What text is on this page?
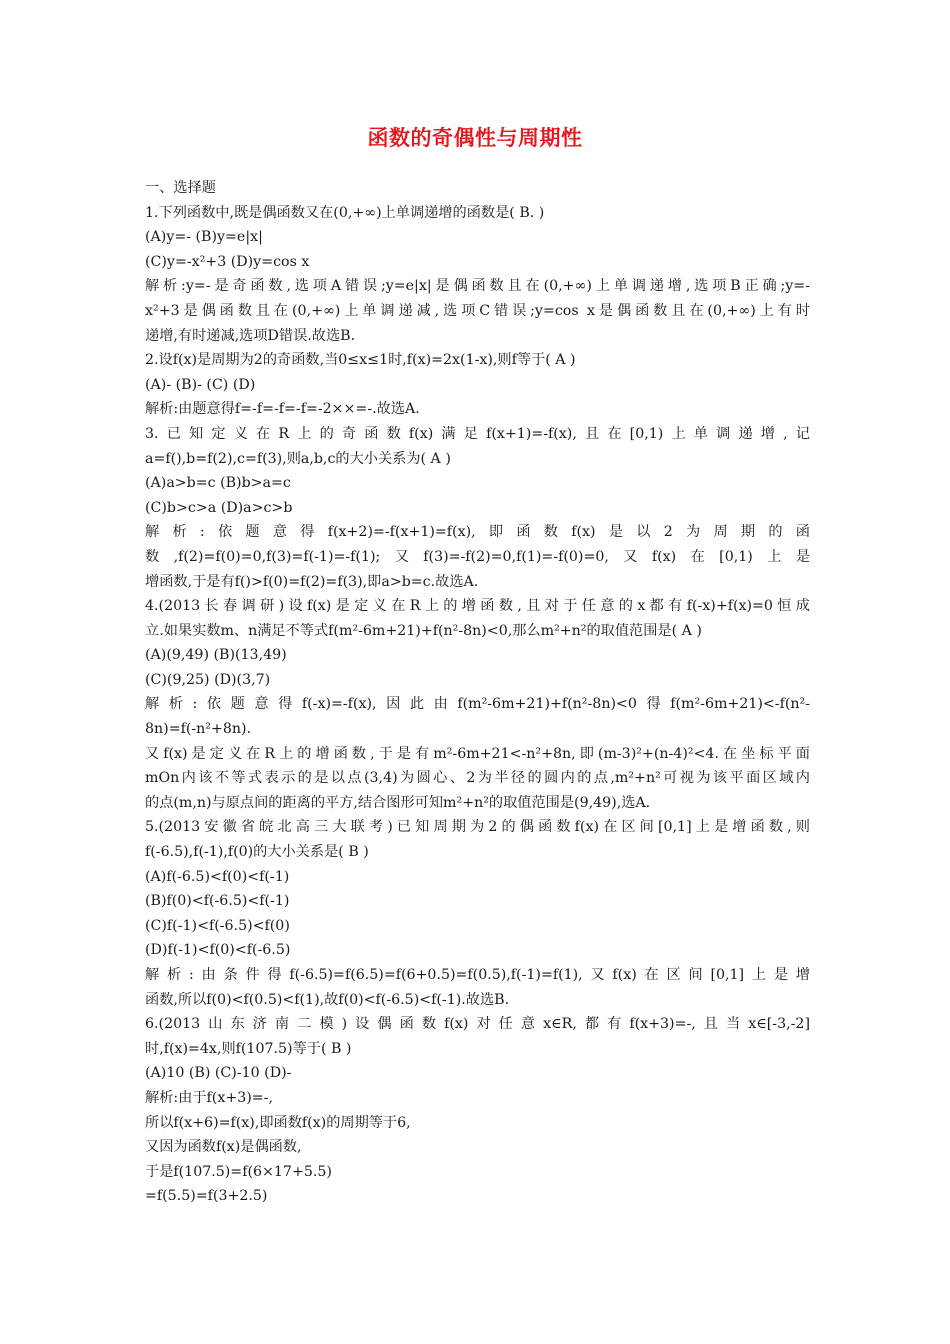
函数的奇偶性与周期性
一、选择题
1.下列函数中,既是偶函数又在(0,+∞)上单调递增的函数是( B. )
(A)y=- (B)y=e|x|
(C)y=-x²+3 (D)y=cos x
解析:y=-是奇函数,选项A错误;y=e|x|是偶函数且在(0,+∞)上单调递增,选项B正确;y=-
x²+3是偶函数且在(0,+∞)上单调递减,选项C错误;y=cos x是偶函数且在(0,+∞)上有时
递增,有时递减,选项D错误.故选B.
2.设f(x)是周期为2的奇函数,当0≤x≤1时,f(x)=2x(1-x),则f等于( A )
(A)- (B)- (C) (D)
解析:由题意得f=-f=-f=-f=-2××=-.故选A.
3.已知定义在R上的奇函数f(x)满足f(x+1)=-f(x),且在[0,1)上单调递增,记
a=f(),b=f(2),c=f(3),则a,b,c的大小关系为( A )
(A)a>b=c (B)b>a=c
(C)b>c>a (D)a>c>b
解析:依题意得f(x+2)=-f(x+1)=f(x),即函数f(x)是以2为周期的函
数,f(2)=f(0)=0,f(3)=f(-1)=-f(1);又f(3)=-f(2)=0,f(1)=-f(0)=0,又f(x)在[0,1)上是
增函数,于是有f()>f(0)=f(2)=f(3),即a>b=c.故选A.
4.(2013长春调研)设f(x)是定义在R上的增函数,且对于任意的x都有f(-x)+f(x)=0恒成
立.如果实数m、n满足不等式f(m²-6m+21)+f(n²-8n)<0,那么m²+n²的取值范围是( A )
(A)(9,49) (B)(13,49)
(C)(9,25) (D)(3,7)
解析:依题意得f(-x)=-f(x),因此由f(m²-6m+21)+f(n²-8n)<0得f(m²-6m+21)<-f(n²-
8n)=f(-n²+8n).
又f(x)是定义在R上的增函数,于是有m²-6m+21<-n²+8n,即(m-3)²+(n-4)²<4.在坐标平面
mOn内该不等式表示的是以点(3,4)为圆心、2为半径的圆内的点,m²+n²可视为该平面区域内
的点(m,n)与原点间的距离的平方,结合图形可知m²+n²的取值范围是(9,49),选A.
5.(2013安徽省皖北高三大联考)已知周期为2的偶函数f(x)在区间[0,1]上是增函数,则
f(-6.5),f(-1),f(0)的大小关系是( B )
(A)f(-6.5)<f(0)<f(-1)
(B)f(0)<f(-6.5)<f(-1)
(C)f(-1)<f(-6.5)<f(0)
(D)f(-1)<f(0)<f(-6.5)
解析:由条件得f(-6.5)=f(6.5)=f(6+0.5)=f(0.5),f(-1)=f(1),又f(x)在区间[0,1]上是增
函数,所以f(0)<f(0.5)<f(1),故f(0)<f(-6.5)<f(-1).故选B.
6.(2013山东济南二模)设偶函数f(x)对任意x∈R,都有f(x+3)=-,且当x∈[-3,-2]
时,f(x)=4x,则f(107.5)等于( B )
(A)10 (B) (C)-10 (D)-
解析:由于f(x+3)=-,
所以f(x+6)=f(x),即函数f(x)的周期等于6,
又因为函数f(x)是偶函数,
于是f(107.5)=f(6×17+5.5)
=f(5.5)=f(3+2.5)
